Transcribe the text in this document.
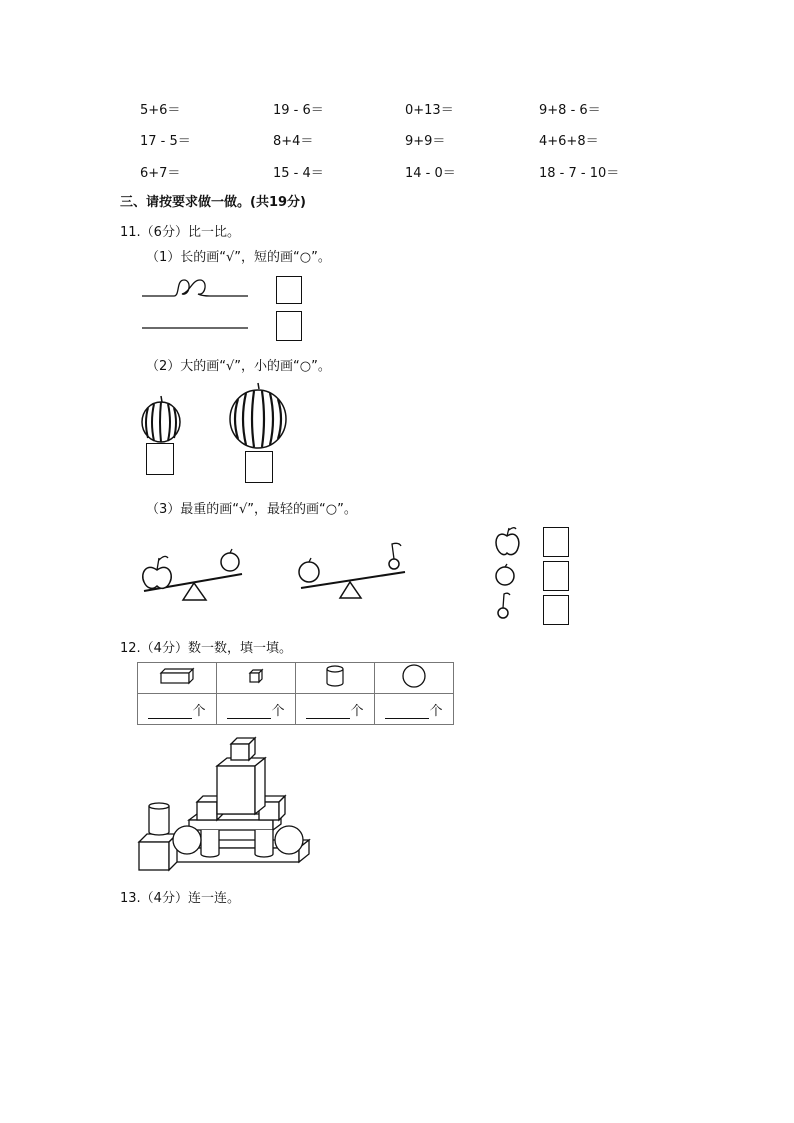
5+6＝	19 - 6＝	0+13＝	9+8 - 6＝
17 - 5＝	8+4＝	9+9＝	4+6+8＝
6+7＝	15 - 4＝	14 - 0＝	18 - 7 - 10＝
三、请按要求做一做。(共19分)
11.（6分）比一比。
（1）长的画“√”，短的画“○”。
（2）大的画“√”，小的画“○”。
（3）最重的画“√”，最轻的画“○”。
12.（4分）数一数，填一填。

个	个	个	个
13.（4分）连一连。
